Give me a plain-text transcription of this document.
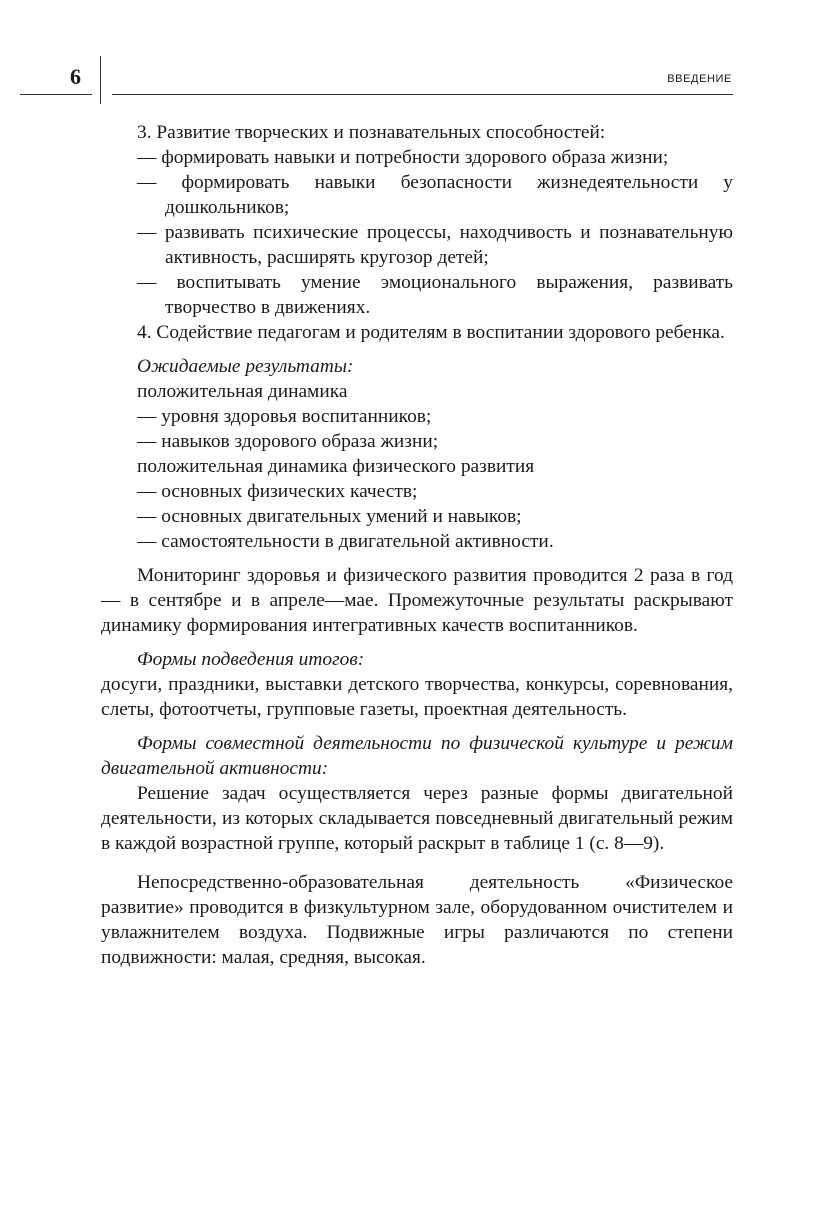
6	ВВЕДЕНИЕ

3. Развитие творческих и познавательных способностей:

— формировать навыки и потребности здорового образа жизни;

— формировать навыки безопасности жизнедеятельности у дошкольников;

— развивать психические процессы, находчивость и познавательную активность, расширять кругозор детей;

— воспитывать умение эмоционального выражения, развивать творчество в движениях.

4. Содействие педагогам и родителям в воспитании здорового ребенка.

Ожидаемые результаты:

положительная динамика

— уровня здоровья воспитанников;

— навыков здорового образа жизни;

положительная динамика физического развития

— основных физических качеств;

— основных двигательных умений и навыков;

— самостоятельности в двигательной активности.

Мониторинг здоровья и физического развития проводится 2 раза в год — в сентябре и в апреле—мае. Промежуточные результаты раскрывают динамику формирования интегративных качеств воспитанников.

Формы подведения итогов:

досуги, праздники, выставки детского творчества, конкурсы, соревнования, слеты, фотоотчеты, групповые газеты, проектная деятельность.

Формы совместной деятельности по физической культуре и режим двигательной активности:

Решение задач осуществляется через разные формы двигательной деятельности, из которых складывается повседневный двигательный режим в каждой возрастной группе, который раскрыт в таблице 1 (с. 8—9).

Непосредственно-образовательная деятельность «Физическое развитие» проводится в физкультурном зале, оборудованном очистителем и увлажнителем воздуха. Подвижные игры различаются по степени подвижности: малая, средняя, высокая.
